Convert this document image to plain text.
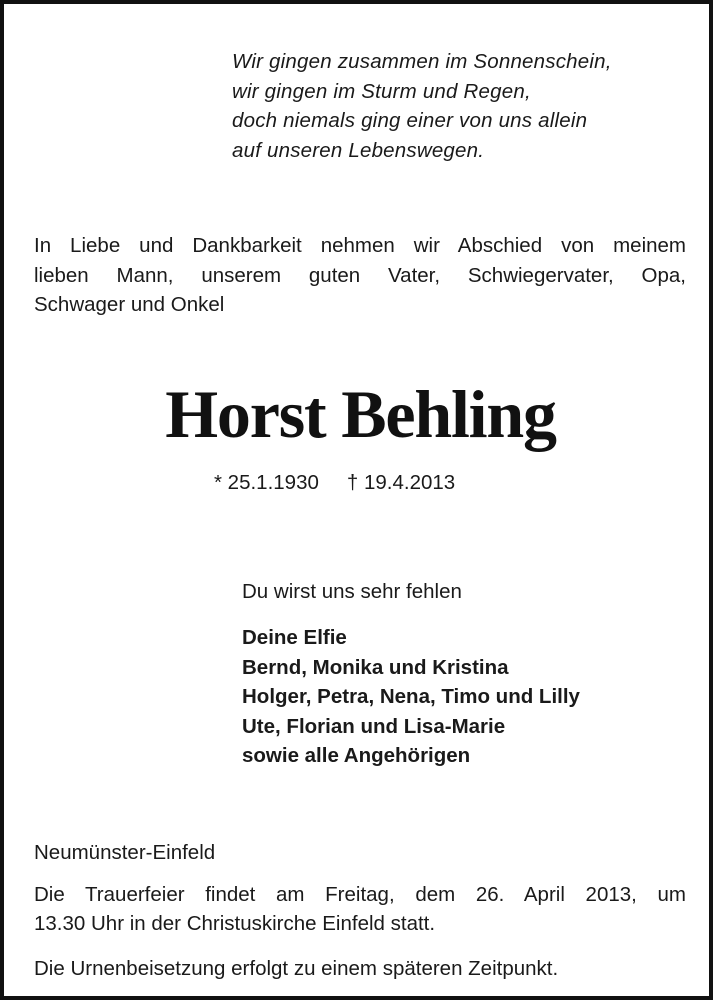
Wir gingen zusammen im Sonnenschein,
wir gingen im Sturm und Regen,
doch niemals ging einer von uns allein
auf unseren Lebenswegen.
In Liebe und Dankbarkeit nehmen wir Abschied von meinem
lieben Mann, unserem guten Vater, Schwiegervater, Opa,
Schwager und Onkel
Horst Behling
* 25.1.1930 † 19.4.2013
Du wirst uns sehr fehlen
Deine Elfie
Bernd, Monika und Kristina
Holger, Petra, Nena, Timo und Lilly
Ute, Florian und Lisa-Marie
sowie alle Angehörigen
Neumünster-Einfeld
Die Trauerfeier findet am Freitag, dem 26. April 2013, um
13.30 Uhr in der Christuskirche Einfeld statt.
Die Urnenbeisetzung erfolgt zu einem späteren Zeitpunkt.
